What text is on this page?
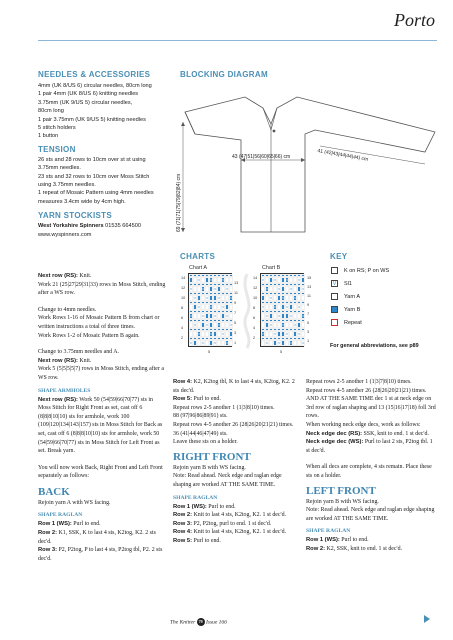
Porto
NEEDLES & ACCESSORIES
4mm (UK 8/US 6) circular needles, 80cm long
1 pair 4mm (UK 8/US 6) knitting needles
3.75mm (UK 9/US 5) circular needles,
80cm long
1 pair 3.75mm (UK 9/US 5) knitting needles
5 stitch holders
1 button
TENSION
26 sts and 28 rows to 10cm over st st using
3.75mm needles.
23 sts and 32 rows to 10cm over Moss Stitch
using 3.75mm needles.
1 repeat of Mosaic Pattern using 4mm needles
measures 3.4cm wide by 4cm high.
YARN STOCKISTS
West Yorkshire Spinners 01535 664500
www.wyspinners.com
BLOCKING DIAGRAM
43 (47|51|56|60|65|66) cm	41 (42|43|44|44|44) cm
69 (71|71|75|79|82|84) cm
CHARTS
Chart A	Chart B
V	V	V
V	V	V	V
V	V	V	V
V	V	V
V	V	V	V
V	V	V	V
V	V	V
V	V	V	V
V	V	V	V
V	V	V	V
V	V	V
V	V	V	V
V	V	V	V
V	V	V
V	V	V	V
V	V	V	V
14
12
10
8
6
4
2
13
11
9
7
5
3
1
14
12
10
8
6
4
2
15
13
11
9
7
5
3
1
5	5
KEY
K on RS; P on WS
V	Sl1
Yarn A
Yarn B
Repeat
For general abbreviations, see p89
Next row (RS): Knit.
Work 21 (25|27|29|31|33) rows in Moss Stitch, ending after a WS row.
Change to 4mm needles.
Work Rows 1-16 of Mosaic Pattern B from chart or written instructions a total of three times.
Work Rows 1-2 of Mosaic Pattern B again.
Change to 3.75mm needles and A.
Next row (RS): Knit.
Work 5 (5|5|5|5|7) rows in Moss Stitch, ending after a WS row.
SHAPE ARMHOLES
Next row (RS): Work 50 (54|59|66|70|77) sts in Moss Stitch for Right Front as set, cast off 6 (8|8|8|10|10) sts for armhole, work 100 (109|120|134|143|157) sts in Moss Stitch for Back as set, cast off 6 (8|8|8|10|10) sts for armhole, work 50 (54|59|66|70|77) sts in Moss Stitch for Left Front as set. Break yarn.
You will now work Back, Right Front and Left Front separately as follows:
BACK
Rejoin yarn A with WS facing.
SHAPE RAGLAN
Row 1 (WS): Purl to end.
Row 2: K1, SSK, K to last 4 sts, K2tog, K2. 2 sts dec'd.
Row 3: P2, P2tog, P to last 4 sts, P2tog tbl, P2. 2 sts dec'd.
Row 4: K2, K2tog tbl, K to last 4 sts, K2tog, K2. 2 sts dec'd.
Row 5: Purl to end.
Repeat rows 2-5 another 1 (1|3|8|10) times.
88 (97|96|86|89|91) sts.
Repeat rows 4-5 another 26 (28|26|20|21|21) times.
36 (41|44|46|47|49) sts.
Leave these sts on a holder.
RIGHT FRONT
Rejoin yarn B with WS facing.
Note: Read ahead. Neck edge and raglan edge shaping are worked AT THE SAME TIME.
SHAPE RAGLAN
Row 1 (WS): Purl to end.
Row 2: Knit to last 4 sts, K2tog, K2. 1 st dec'd.
Row 3: P2, P2tog, purl to end. 1 st dec'd.
Row 4: Knit to last 4 sts, K2tog, K2. 1 st dec'd.
Row 5: Purl to end.
Repeat rows 2-5 another 1 (1|3|7|8|10) times.
Repeat rows 4-5 another 26 (28|26|20|21|21) times.
AND AT THE SAME TIME dec 1 st at neck edge on 3rd row of raglan shaping and 13 (15|16|17|18) foll 3rd rows.
When working neck edge decs, work as follows:
Neck edge dec (RS): SSK, knit to end. 1 st dec'd.
Neck edge dec (WS): Purl to last 2 sts, P2tog tbl. 1 st dec'd.
When all decs are complete, 4 sts remain. Place these sts on a holder.
LEFT FRONT
Rejoin yarn B with WS facing.
Note: Read ahead. Neck edge and raglan edge shaping are worked AT THE SAME TIME.
SHAPE RAGLAN
Row 1 (WS): Purl to end.
Row 2: K2, SSK, knit to end. 1 st dec'd.
The Knitter 79 Issue 166
